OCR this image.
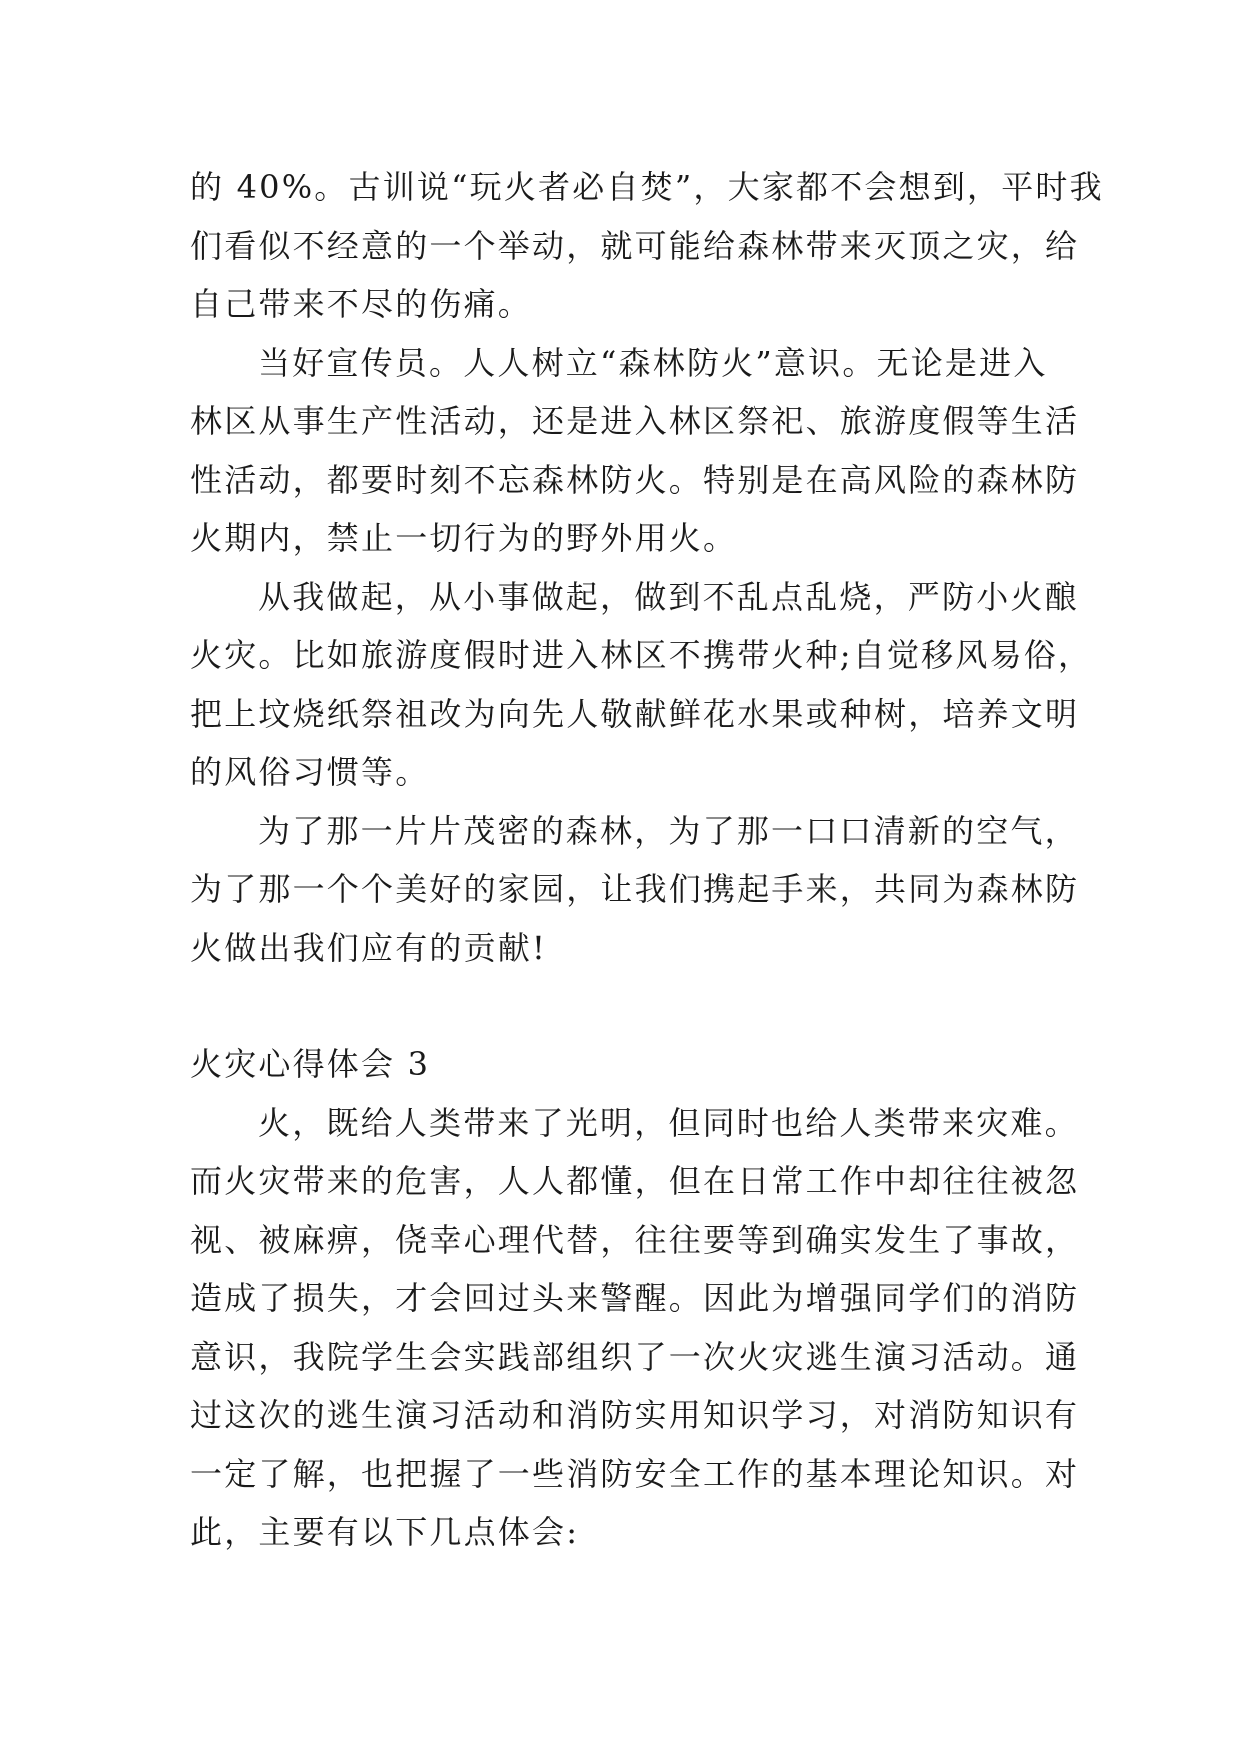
的 40%。古训说“玩火者必自焚”，大家都不会想到，平时我
们看似不经意的一个举动，就可能给森林带来灭顶之灾，给
自己带来不尽的伤痛。
当好宣传员。人人树立“森林防火”意识。无论是进入
林区从事生产性活动，还是进入林区祭祀、旅游度假等生活
性活动，都要时刻不忘森林防火。特别是在高风险的森林防
火期内，禁止一切行为的野外用火。
从我做起，从小事做起，做到不乱点乱烧，严防小火酿
火灾。比如旅游度假时进入林区不携带火种;自觉移风易俗，
把上坟烧纸祭祖改为向先人敬献鲜花水果或种树，培养文明
的风俗习惯等。
为了那一片片茂密的森林，为了那一口口清新的空气，
为了那一个个美好的家园，让我们携起手来，共同为森林防
火做出我们应有的贡献!
火灾心得体会 3
火，既给人类带来了光明，但同时也给人类带来灾难。
而火灾带来的危害，人人都懂，但在日常工作中却往往被忽
视、被麻痹，侥幸心理代替，往往要等到确实发生了事故，
造成了损失，才会回过头来警醒。因此为增强同学们的消防
意识，我院学生会实践部组织了一次火灾逃生演习活动。通
过这次的逃生演习活动和消防实用知识学习，对消防知识有
一定了解，也把握了一些消防安全工作的基本理论知识。对
此，主要有以下几点体会:
